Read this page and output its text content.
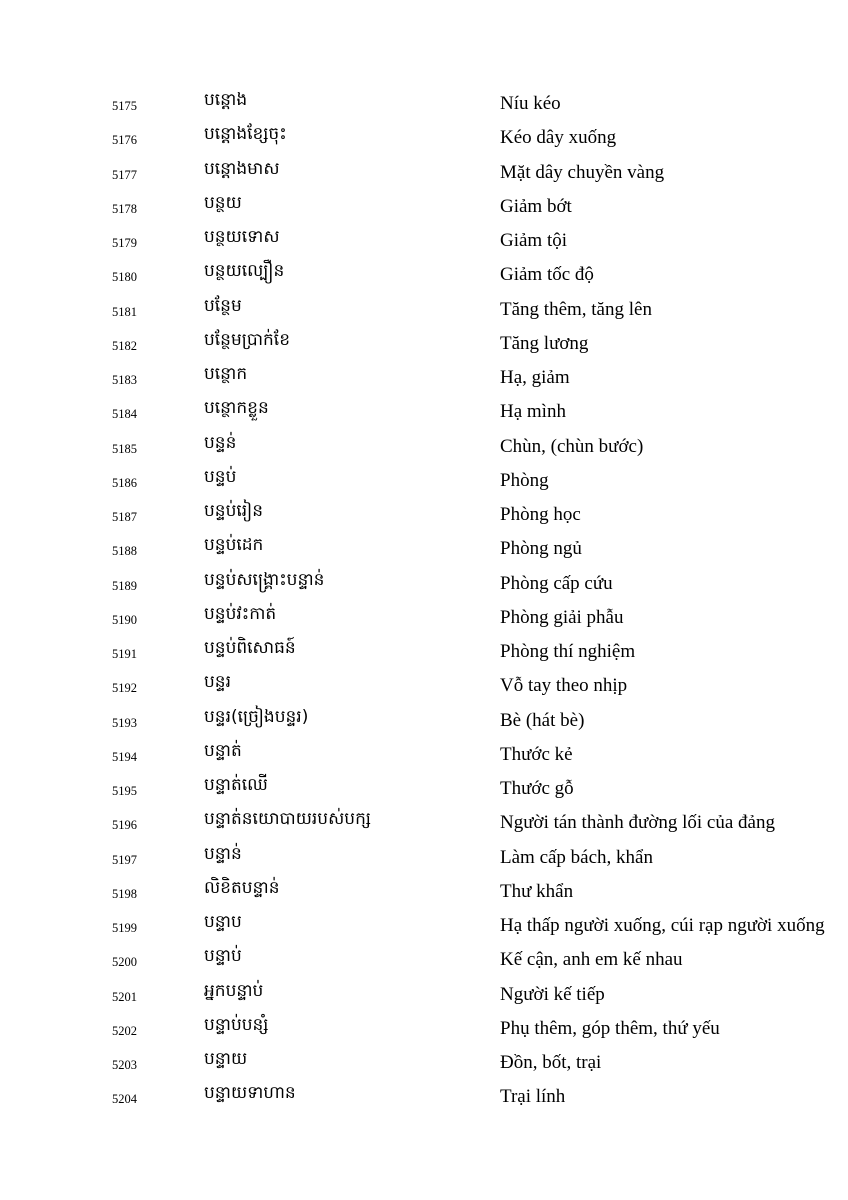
5175	បន្តោង	Níu kéo
5176	បន្តោងខ្សែចុះ	Kéo dây xuống
5177	បន្តោងមាស	Mặt dây chuyền vàng
5178	បន្ថយ	Giảm bớt
5179	បន្ថយទោស	Giảm tội
5180	បន្ថយល្បឿន	Giảm tốc độ
5181	បន្ថែម	Tăng thêm, tăng lên
5182	បន្ថែមប្រាក់ខែ	Tăng lương
5183	បន្ថោក	Hạ, giảm
5184	បន្ថោកខ្លួន	Hạ mình
5185	បន្ទន់	Chùn, (chùn bước)
5186	បន្ទប់	Phòng
5187	បន្ទប់រៀន	Phòng học
5188	បន្ទប់ដេក	Phòng ngủ
5189	បន្ទប់សង្គ្រោះបន្ទាន់	Phòng cấp cứu
5190	បន្ទប់វះកាត់	Phòng giải phẫu
5191	បន្ទប់ពិសោធន៍	Phòng thí nghiệm
5192	បន្ទរ	Vỗ tay theo nhịp
5193	បន្ទរ(ច្រៀងបន្ទរ)	Bè (hát bè)
5194	បន្ទាត់	Thước kẻ
5195	បន្ទាត់ឈើ	Thước gỗ
5196	បន្ទាត់នយោបាយរបស់បក្ស	Người tán thành đường lối của đảng
5197	បន្ទាន់	Làm cấp bách, khẩn
5198	លិខិតបន្ទាន់	Thư khẩn
5199	បន្ទាប	Hạ thấp người xuống, cúi rạp người xuống
5200	បន្ទាប់	Kế cận, anh em kế nhau
5201	អ្នកបន្ទាប់	Người kế tiếp
5202	បន្ទាប់បន្សំ	Phụ thêm, góp thêm, thứ yếu
5203	បន្ទាយ	Đồn, bốt, trại
5204	បន្ទាយទាហាន	Trại lính
